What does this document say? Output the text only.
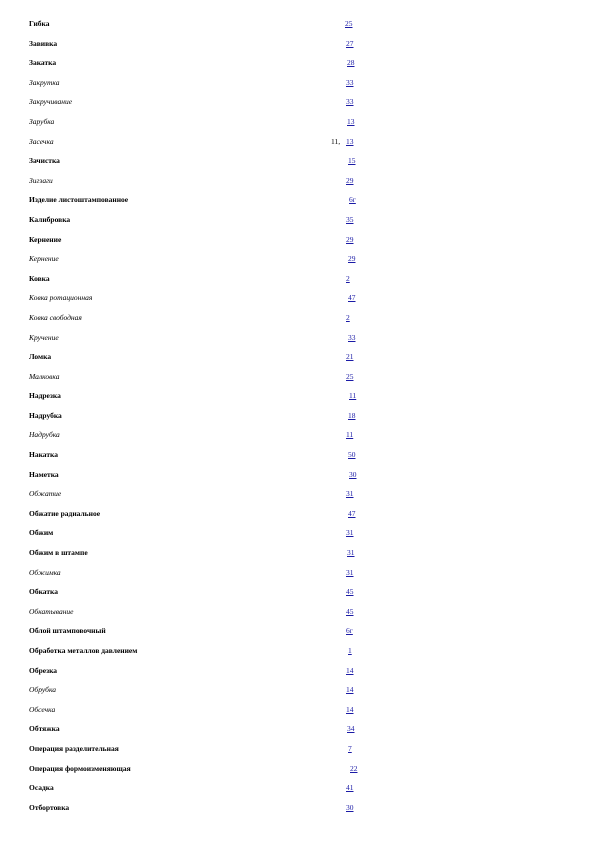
Гибка	25
Завивка	27
Закатка	28
Закрутка	33
Закручивание	33
Зарубка	13
Засечка	11, 13
Зачистка	15
Зигзаги	29
Изделие листоштампованное	6г
Калибровка	35
Кернение	29
Кернение	29
Ковка	2
Ковка ротационная	47
Ковка свободная	2
Кручение	33
Ломка	21
Малковка	25
Надрезка	11
Надрубка	18
Надрубка	11
Накатка	50
Наметка	30
Обжатие	31
Обжатие радиальное	47
Обжим	31
Обжим в штампе	31
Обжимка	31
Обкатка	45
Обкатывание	45
Облой штамповочный	6г
Обработка металлов давлением	1
Обрезка	14
Обрубка	14
Обсечка	14
Обтяжка	34
Операция разделительная	7
Операция формоизменяющая	22
Осадка	41
Отбортовка	30
